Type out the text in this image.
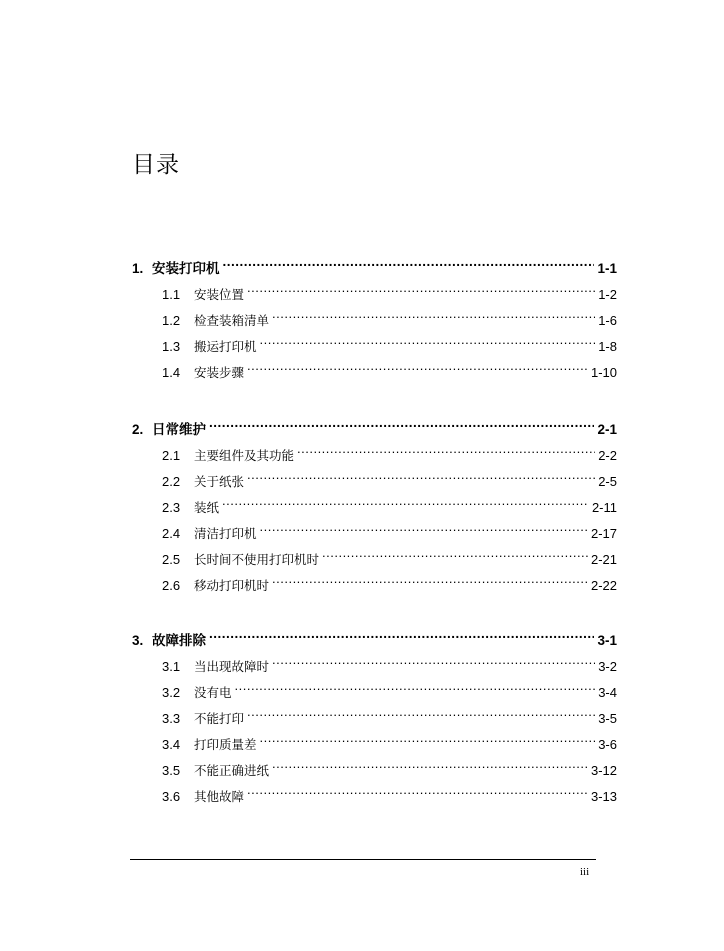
目录
1. 安装打印机 .....	1-1
1.1	安装位置 .....	1-2
1.2	检查装箱清单 .....	1-6
1.3	搬运打印机 .....	1-8
1.4	安装步骤 .....	1-10
2. 日常维护 .....	2-1
2.1	主要组件及其功能 .....	2-2
2.2	关于纸张 .....	2-5
2.3	装纸 .....	2-11
2.4	清洁打印机 .....	2-17
2.5	长时间不使用打印机时 .....	2-21
2.6	移动打印机时 .....	2-22
3. 故障排除 .....	3-1
3.1	当出现故障时 .....	3-2
3.2	没有电 .....	3-4
3.3	不能打印 .....	3-5
3.4	打印质量差 .....	3-6
3.5	不能正确进纸 .....	3-12
3.6	其他故障 .....	3-13
iii
